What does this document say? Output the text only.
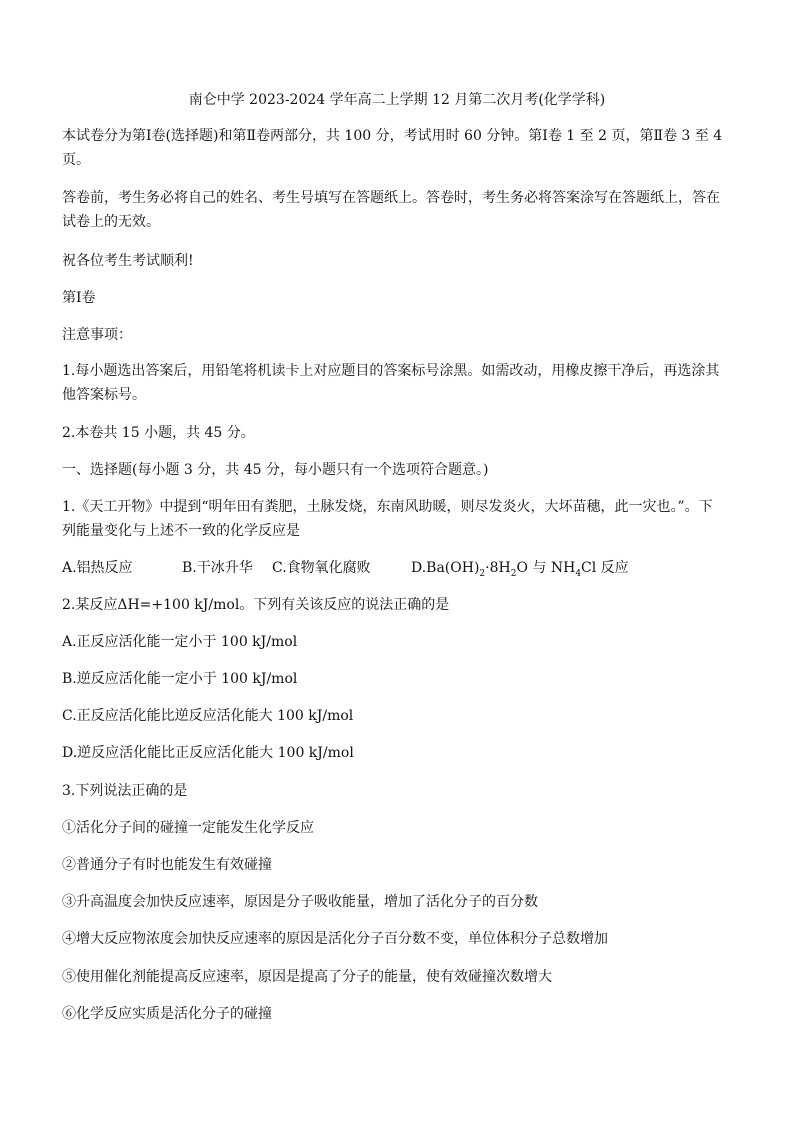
南仑中学 2023-2024 学年高二上学期 12 月第二次月考(化学学科)
本试卷分为第Ⅰ卷(选择题)和第Ⅱ卷两部分，共 100 分，考试用时 60 分钟。第Ⅰ卷 1 至 2 页，第Ⅱ卷 3 至 4
页。
答卷前，考生务必将自己的姓名、考生号填写在答题纸上。答卷时，考生务必将答案涂写在答题纸上，答在
试卷上的无效。
祝各位考生考试顺利!
第Ⅰ卷
注意事项：
1.每小题选出答案后，用铅笔将机读卡上对应题目的答案标号涂黑。如需改动，用橡皮擦干净后，再选涂其
他答案标号。
2.本卷共 15 小题，共 45 分。
一、选择题(每小题 3 分，共 45 分，每小题只有一个选项符合题意。)
1.《天工开物》中提到“明年田有粪肥，土脉发烧，东南风助暖，则尽发炎火，大坏苗穗，此一灾也。”。下
列能量变化与上述不一致的化学反应是
A.铝热反应	B.干冰升华 C.食物氧化腐败	$D.Ba(OH)_2\cdot 8H_2O$ 与 $NH_4Cl$ 反应
2.某反应ΔH=+100 kJ/mol。下列有关该反应的说法正确的是
A.正反应活化能一定小于 100 kJ/mol
B.逆反应活化能一定小于 100 kJ/mol
C.正反应活化能比逆反应活化能大 100 kJ/mol
D.逆反应活化能比正反应活化能大 100 kJ/mol
3.下列说法正确的是
①活化分子间的碰撞一定能发生化学反应
②普通分子有时也能发生有效碰撞
③升高温度会加快反应速率，原因是分子吸收能量，增加了活化分子的百分数
④增大反应物浓度会加快反应速率的原因是活化分子百分数不变，单位体积分子总数增加
⑤使用催化剂能提高反应速率，原因是提高了分子的能量，使有效碰撞次数增大
⑥化学反应实质是活化分子的碰撞
